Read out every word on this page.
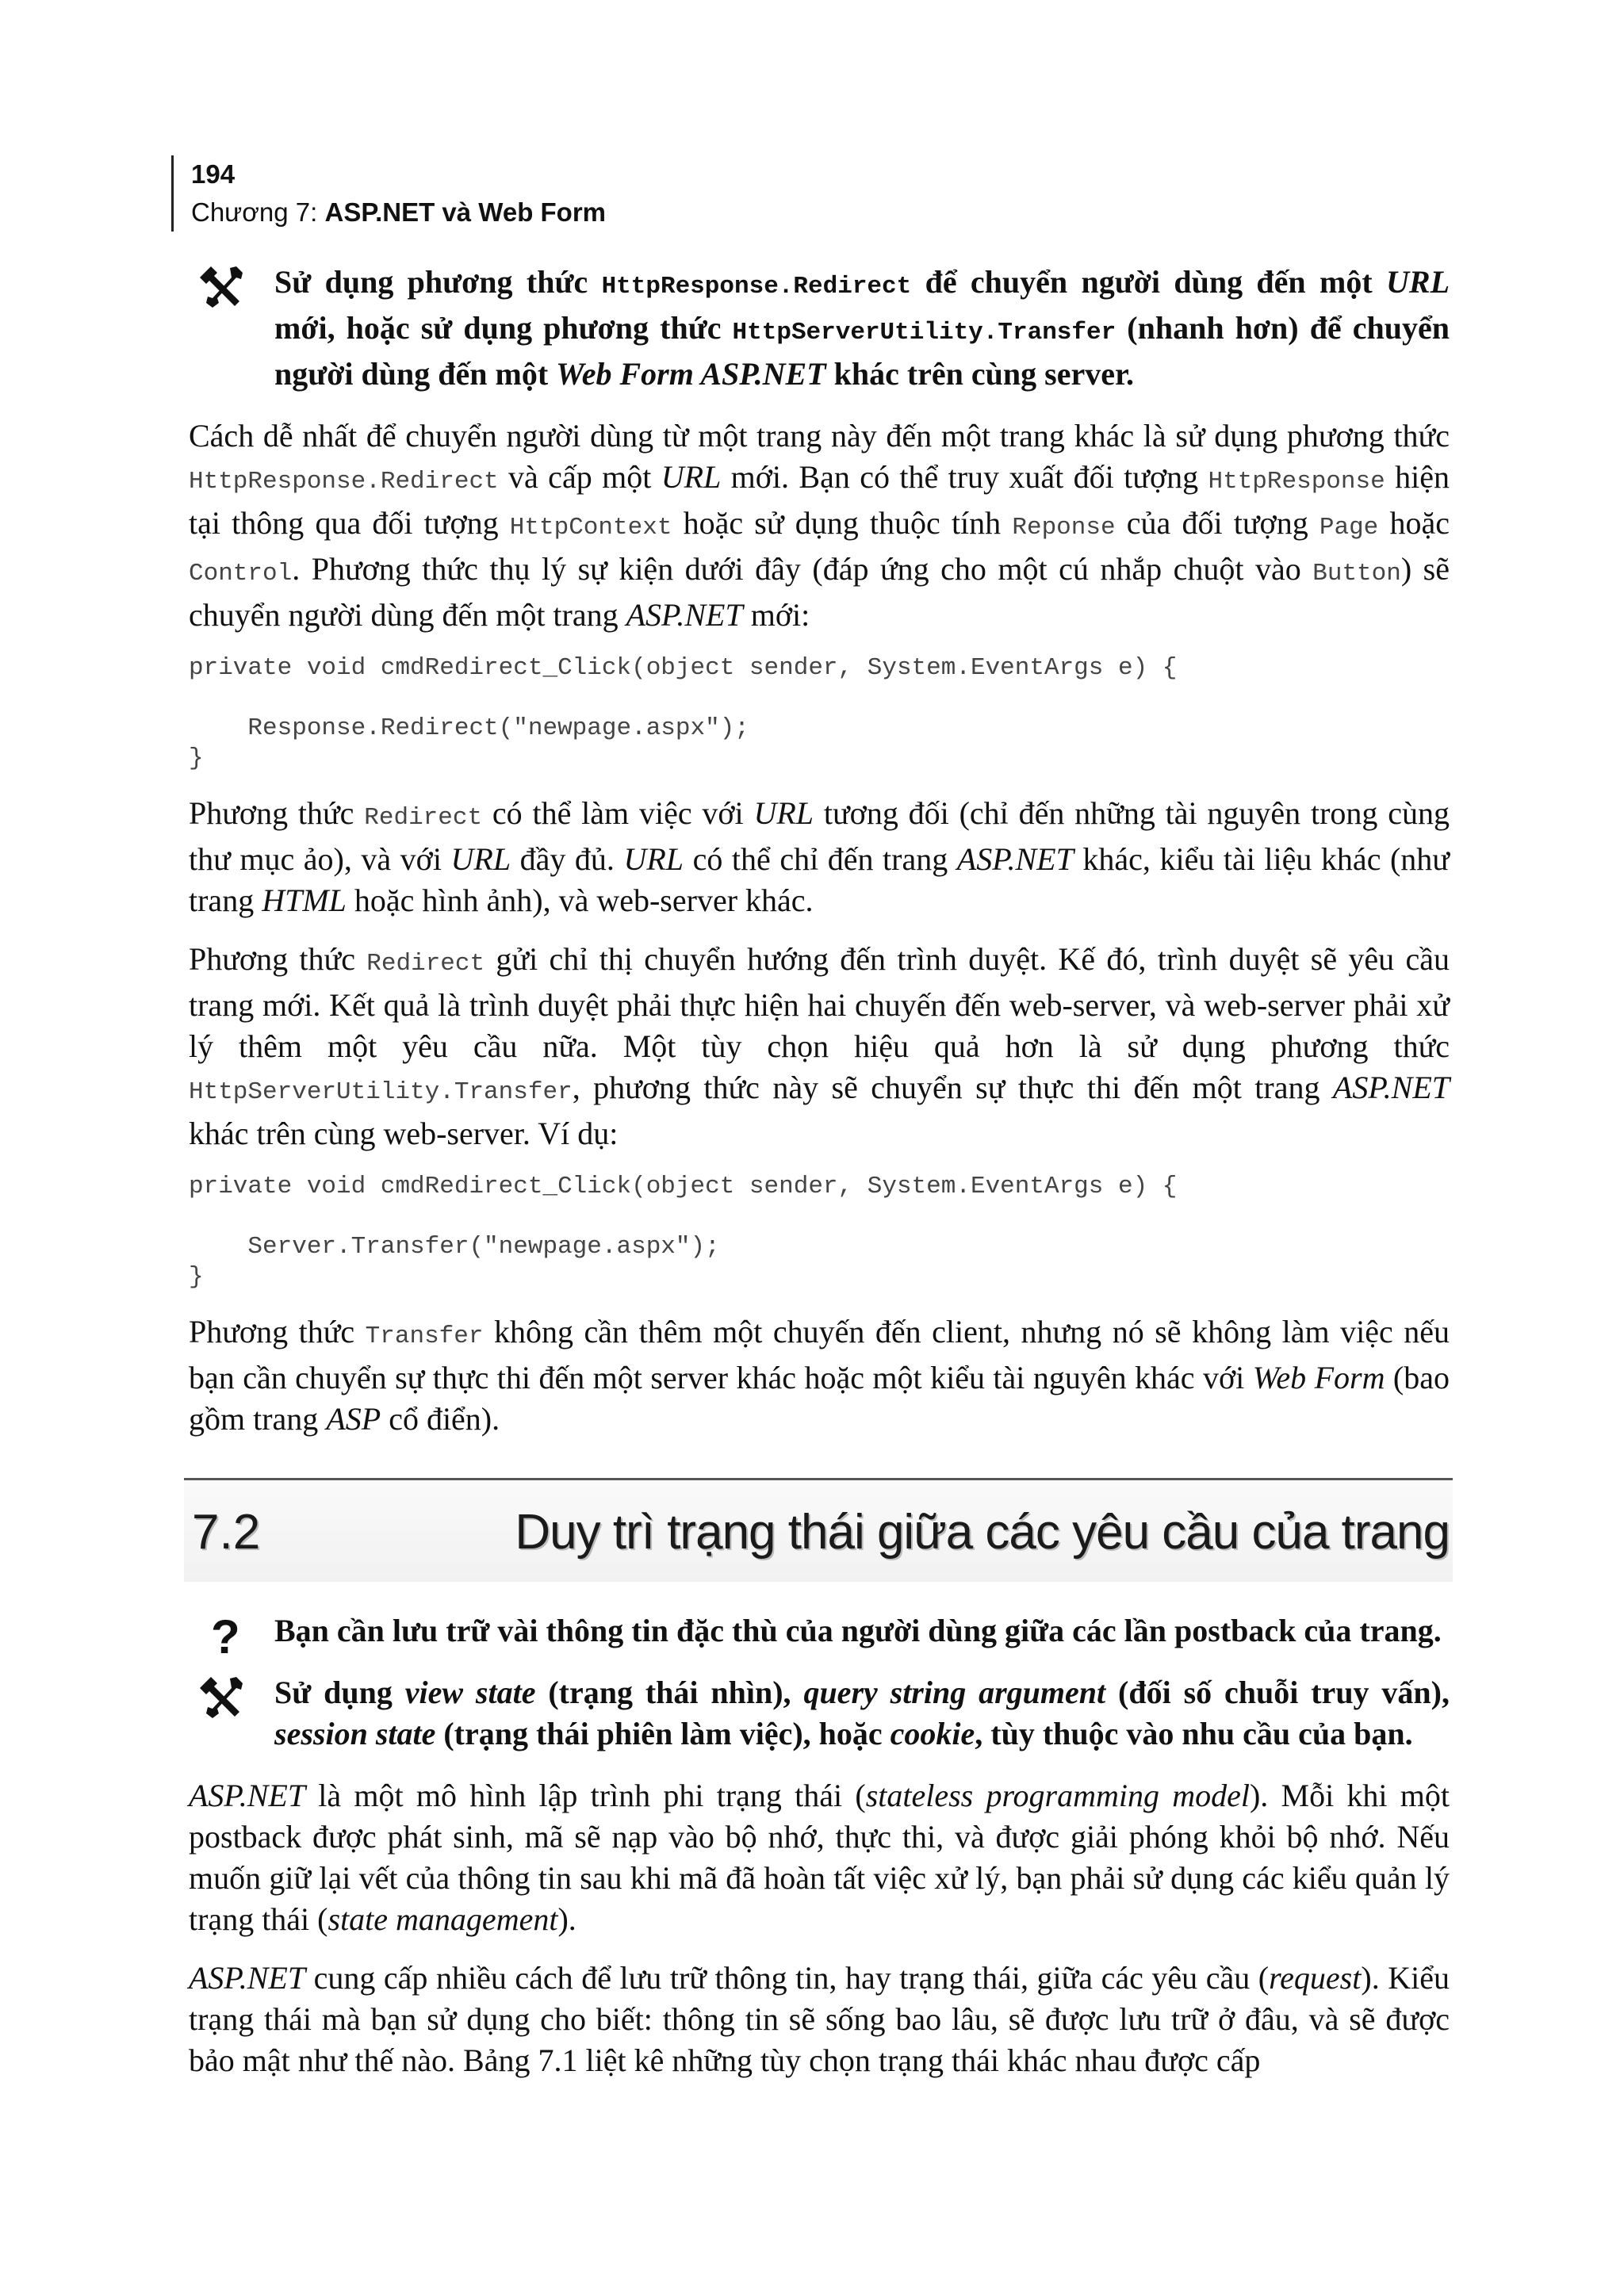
194
Chương 7: ASP.NET và Web Form
Sử dụng phương thức HttpResponse.Redirect để chuyển người dùng đến một URL mới, hoặc sử dụng phương thức HttpServerUtility.Transfer (nhanh hơn) để chuyển người dùng đến một Web Form ASP.NET khác trên cùng server.

Cách dễ nhất để chuyển người dùng từ một trang này đến một trang khác là sử dụng phương thức HttpResponse.Redirect và cấp một URL mới. Bạn có thể truy xuất đối tượng HttpResponse hiện tại thông qua đối tượng HttpContext hoặc sử dụng thuộc tính Reponse của đối tượng Page hoặc Control. Phương thức thụ lý sự kiện dưới đây (đáp ứng cho một cú nhắp chuột vào Button) sẽ chuyển người dùng đến một trang ASP.NET mới:

private void cmdRedirect_Click(object sender, System.EventArgs e) {
Response.Redirect("newpage.aspx");
}

Phương thức Redirect có thể làm việc với URL tương đối (chỉ đến những tài nguyên trong cùng thư mục ảo), và với URL đầy đủ. URL có thể chỉ đến trang ASP.NET khác, kiểu tài liệu khác (như trang HTML hoặc hình ảnh), và web-server khác.

Phương thức Redirect gửi chỉ thị chuyển hướng đến trình duyệt. Kế đó, trình duyệt sẽ yêu cầu trang mới. Kết quả là trình duyệt phải thực hiện hai chuyến đến web-server, và web-server phải xử lý thêm một yêu cầu nữa. Một tùy chọn hiệu quả hơn là sử dụng phương thức HttpServerUtility.Transfer, phương thức này sẽ chuyển sự thực thi đến một trang ASP.NET khác trên cùng web-server. Ví dụ:

private void cmdRedirect_Click(object sender, System.EventArgs e) {
Server.Transfer("newpage.aspx");
}

Phương thức Transfer không cần thêm một chuyến đến client, nhưng nó sẽ không làm việc nếu bạn cần chuyển sự thực thi đến một server khác hoặc một kiểu tài nguyên khác với Web Form (bao gồm trang ASP cổ điển).

7.2	Duy trì trạng thái giữa các yêu cầu của trang
? Bạn cần lưu trữ vài thông tin đặc thù của người dùng giữa các lần postback của trang.
Sử dụng view state (trạng thái nhìn), query string argument (đối số chuỗi truy vấn), session state (trạng thái phiên làm việc), hoặc cookie, tùy thuộc vào nhu cầu của bạn.

ASP.NET là một mô hình lập trình phi trạng thái (stateless programming model). Mỗi khi một postback được phát sinh, mã sẽ nạp vào bộ nhớ, thực thi, và được giải phóng khỏi bộ nhớ. Nếu muốn giữ lại vết của thông tin sau khi mã đã hoàn tất việc xử lý, bạn phải sử dụng các kiểu quản lý trạng thái (state management).

ASP.NET cung cấp nhiều cách để lưu trữ thông tin, hay trạng thái, giữa các yêu cầu (request). Kiểu trạng thái mà bạn sử dụng cho biết: thông tin sẽ sống bao lâu, sẽ được lưu trữ ở đâu, và sẽ được bảo mật như thế nào. Bảng 7.1 liệt kê những tùy chọn trạng thái khác nhau được cấp
